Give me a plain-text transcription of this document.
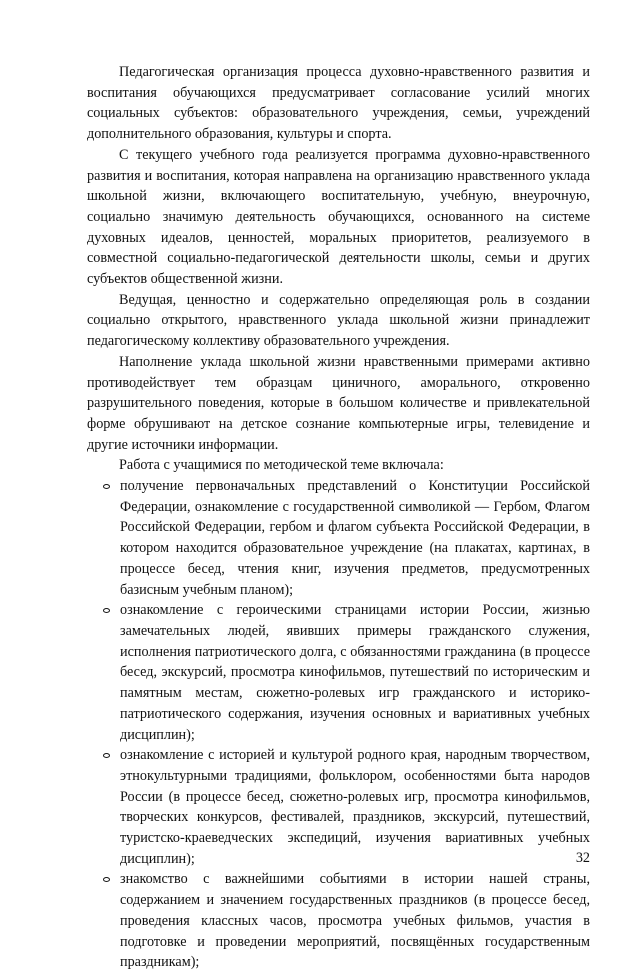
Педагогическая организация процесса духовно-нравственного развития и воспитания обучающихся предусматривает согласование усилий многих социальных субъектов: образовательного учреждения, семьи, учреждений дополнительного образования, культуры и спорта.

С текущего учебного года реализуется программа духовно-нравственного развития и воспитания, которая направлена на организацию нравственного уклада школьной жизни, включающего воспитательную, учебную, внеурочную, социально значимую деятельность обучающихся, основанного на системе духовных идеалов, ценностей, моральных приоритетов, реализуемого в совместной социально-педагогической деятельности школы, семьи и других субъектов общественной жизни.

Ведущая, ценностно и содержательно определяющая роль в создании социально открытого, нравственного уклада школьной жизни принадлежит педагогическому коллективу образовательного учреждения.

Наполнение уклада школьной жизни нравственными примерами активно противодействует тем образцам циничного, аморального, откровенно разрушительного поведения, которые в большом количестве и привлекательной форме обрушивают на детское сознание компьютерные игры, телевидение и другие источники информации.

Работа с учащимися по методической теме включала:

получение первоначальных представлений о Конституции Российской Федерации, ознакомление с государственной символикой — Гербом, Флагом Российской Федерации, гербом и флагом субъекта Российской Федерации, в котором находится образовательное учреждение (на плакатах, картинах, в процессе бесед, чтения книг, изучения предметов, предусмотренных базисным учебным планом);
ознакомление с героическими страницами истории России, жизнью замечательных людей, явивших примеры гражданского служения, исполнения патриотического долга, с обязанностями гражданина (в процессе бесед, экскурсий, просмотра кинофильмов, путешествий по историческим и памятным местам, сюжетно-ролевых игр гражданского и историко-патриотического содержания, изучения основных и вариативных учебных дисциплин);
ознакомление с историей и культурой родного края, народным творчеством, этнокультурными традициями, фольклором, особенностями быта народов России (в процессе бесед, сюжетно-ролевых игр, просмотра кинофильмов, творческих конкурсов, фестивалей, праздников, экскурсий, путешествий, туристско-краеведческих экспедиций, изучения вариативных учебных дисциплин);
знакомство с важнейшими событиями в истории нашей страны, содержанием и значением государственных праздников (в процессе бесед, проведения классных часов, просмотра учебных фильмов, участия в подготовке и проведении мероприятий, посвящённых государственным праздникам);
32
